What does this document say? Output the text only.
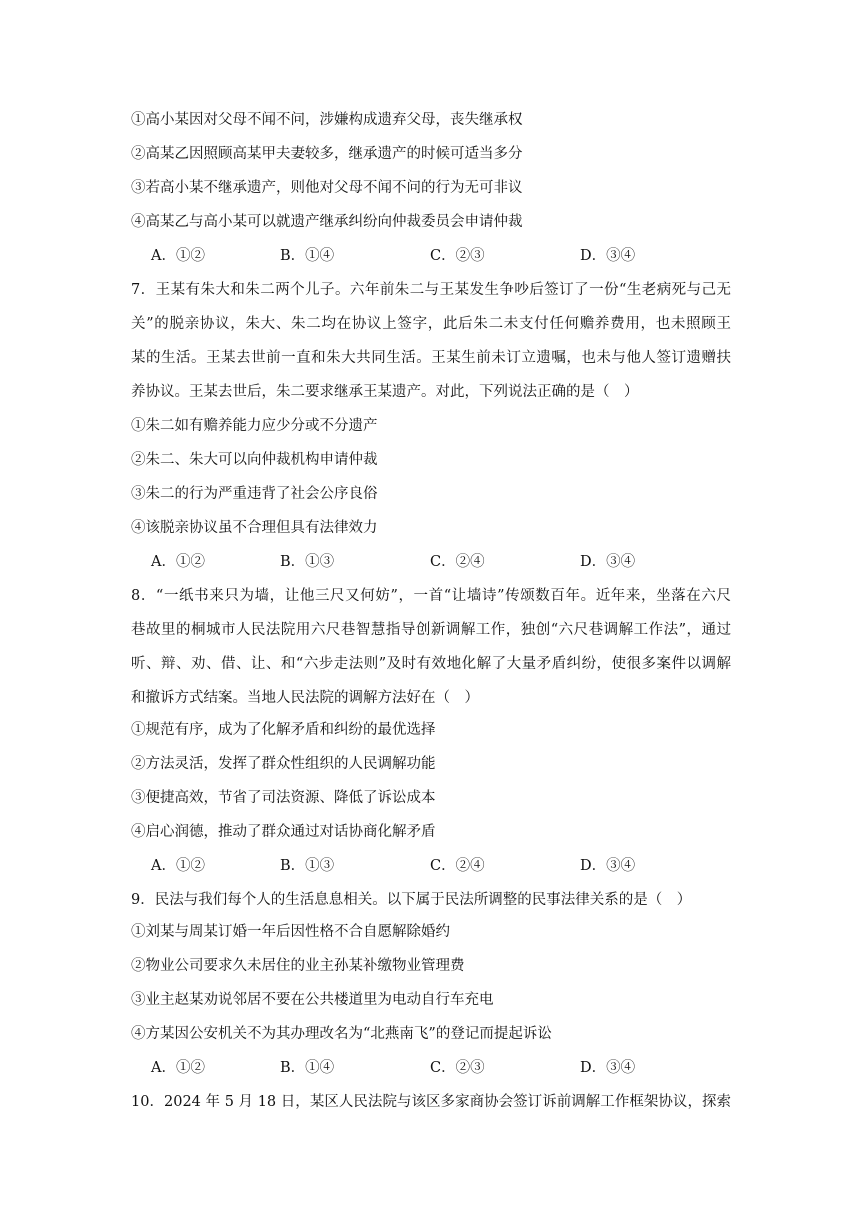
①高小某因对父母不闻不问，涉嫌构成遗弃父母，丧失继承权
②高某乙因照顾高某甲夫妻较多，继承遗产的时候可适当多分
③若高小某不继承遗产，则他对父母不闻不问的行为无可非议
④高某乙与高小某可以就遗产继承纠纷向仲裁委员会申请仲裁
A．①②	B．①④	C．②③	D．③④
7．王某有朱大和朱二两个儿子。六年前朱二与王某发生争吵后签订了一份“生老病死与己无
关”的脱亲协议，朱大、朱二均在协议上签字，此后朱二未支付任何赡养费用，也未照顾王
某的生活。王某去世前一直和朱大共同生活。王某生前未订立遗嘱，也未与他人签订遗赠扶
养协议。王某去世后，朱二要求继承王某遗产。对此，下列说法正确的是（　）
①朱二如有赡养能力应少分或不分遗产
②朱二、朱大可以向仲裁机构申请仲裁
③朱二的行为严重违背了社会公序良俗
④该脱亲协议虽不合理但具有法律效力
A．①②	B．①③	C．②④	D．③④
8．“一纸书来只为墙，让他三尺又何妨”，一首“让墙诗”传颂数百年。近年来，坐落在六尺
巷故里的桐城市人民法院用六尺巷智慧指导创新调解工作，独创“六尺巷调解工作法”，通过
听、辩、劝、借、让、和“六步走法则”及时有效地化解了大量矛盾纠纷，使很多案件以调解
和撤诉方式结案。当地人民法院的调解方法好在（　）
①规范有序，成为了化解矛盾和纠纷的最优选择
②方法灵活，发挥了群众性组织的人民调解功能
③便捷高效，节省了司法资源、降低了诉讼成本
④启心润德，推动了群众通过对话协商化解矛盾
A．①②	B．①③	C．②④	D．③④
9．民法与我们每个人的生活息息相关。以下属于民法所调整的民事法律关系的是（　）
①刘某与周某订婚一年后因性格不合自愿解除婚约
②物业公司要求久未居住的业主孙某补缴物业管理费
③业主赵某劝说邻居不要在公共楼道里为电动自行车充电
④方某因公安机关不为其办理改名为“北燕南飞”的登记而提起诉讼
A．①②	B．①④	C．②③	D．③④
10．2024 年 5 月 18 日，某区人民法院与该区多家商协会签订诉前调解工作框架协议，探索
